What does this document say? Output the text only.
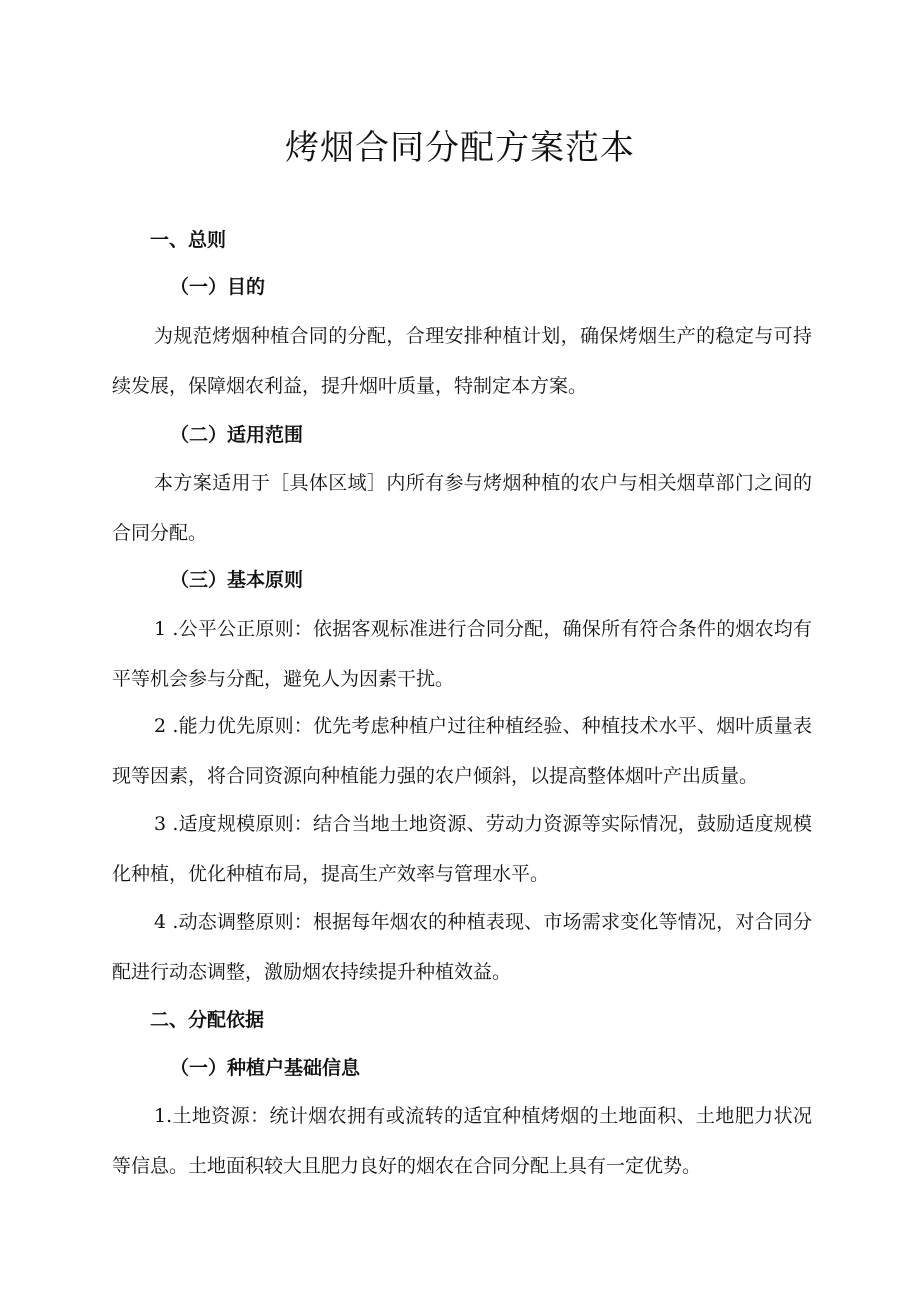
烤烟合同分配方案范本

一、总则

（一）目的

为规范烤烟种植合同的分配，合理安排种植计划，确保烤烟生产的稳定与可持续发展，保障烟农利益，提升烟叶质量，特制定本方案。

（二）适用范围

本方案适用于［具体区域］内所有参与烤烟种植的农户与相关烟草部门之间的合同分配。

（三）基本原则

1 .公平公正原则：依据客观标准进行合同分配，确保所有符合条件的烟农均有平等机会参与分配，避免人为因素干扰。

2 .能力优先原则：优先考虑种植户过往种植经验、种植技术水平、烟叶质量表现等因素，将合同资源向种植能力强的农户倾斜，以提高整体烟叶产出质量。

3 .适度规模原则：结合当地土地资源、劳动力资源等实际情况，鼓励适度规模化种植，优化种植布局，提高生产效率与管理水平。

4 .动态调整原则：根据每年烟农的种植表现、市场需求变化等情况，对合同分配进行动态调整，激励烟农持续提升种植效益。

二、分配依据

（一）种植户基础信息

1.土地资源：统计烟农拥有或流转的适宜种植烤烟的土地面积、土地肥力状况等信息。土地面积较大且肥力良好的烟农在合同分配上具有一定优势。
